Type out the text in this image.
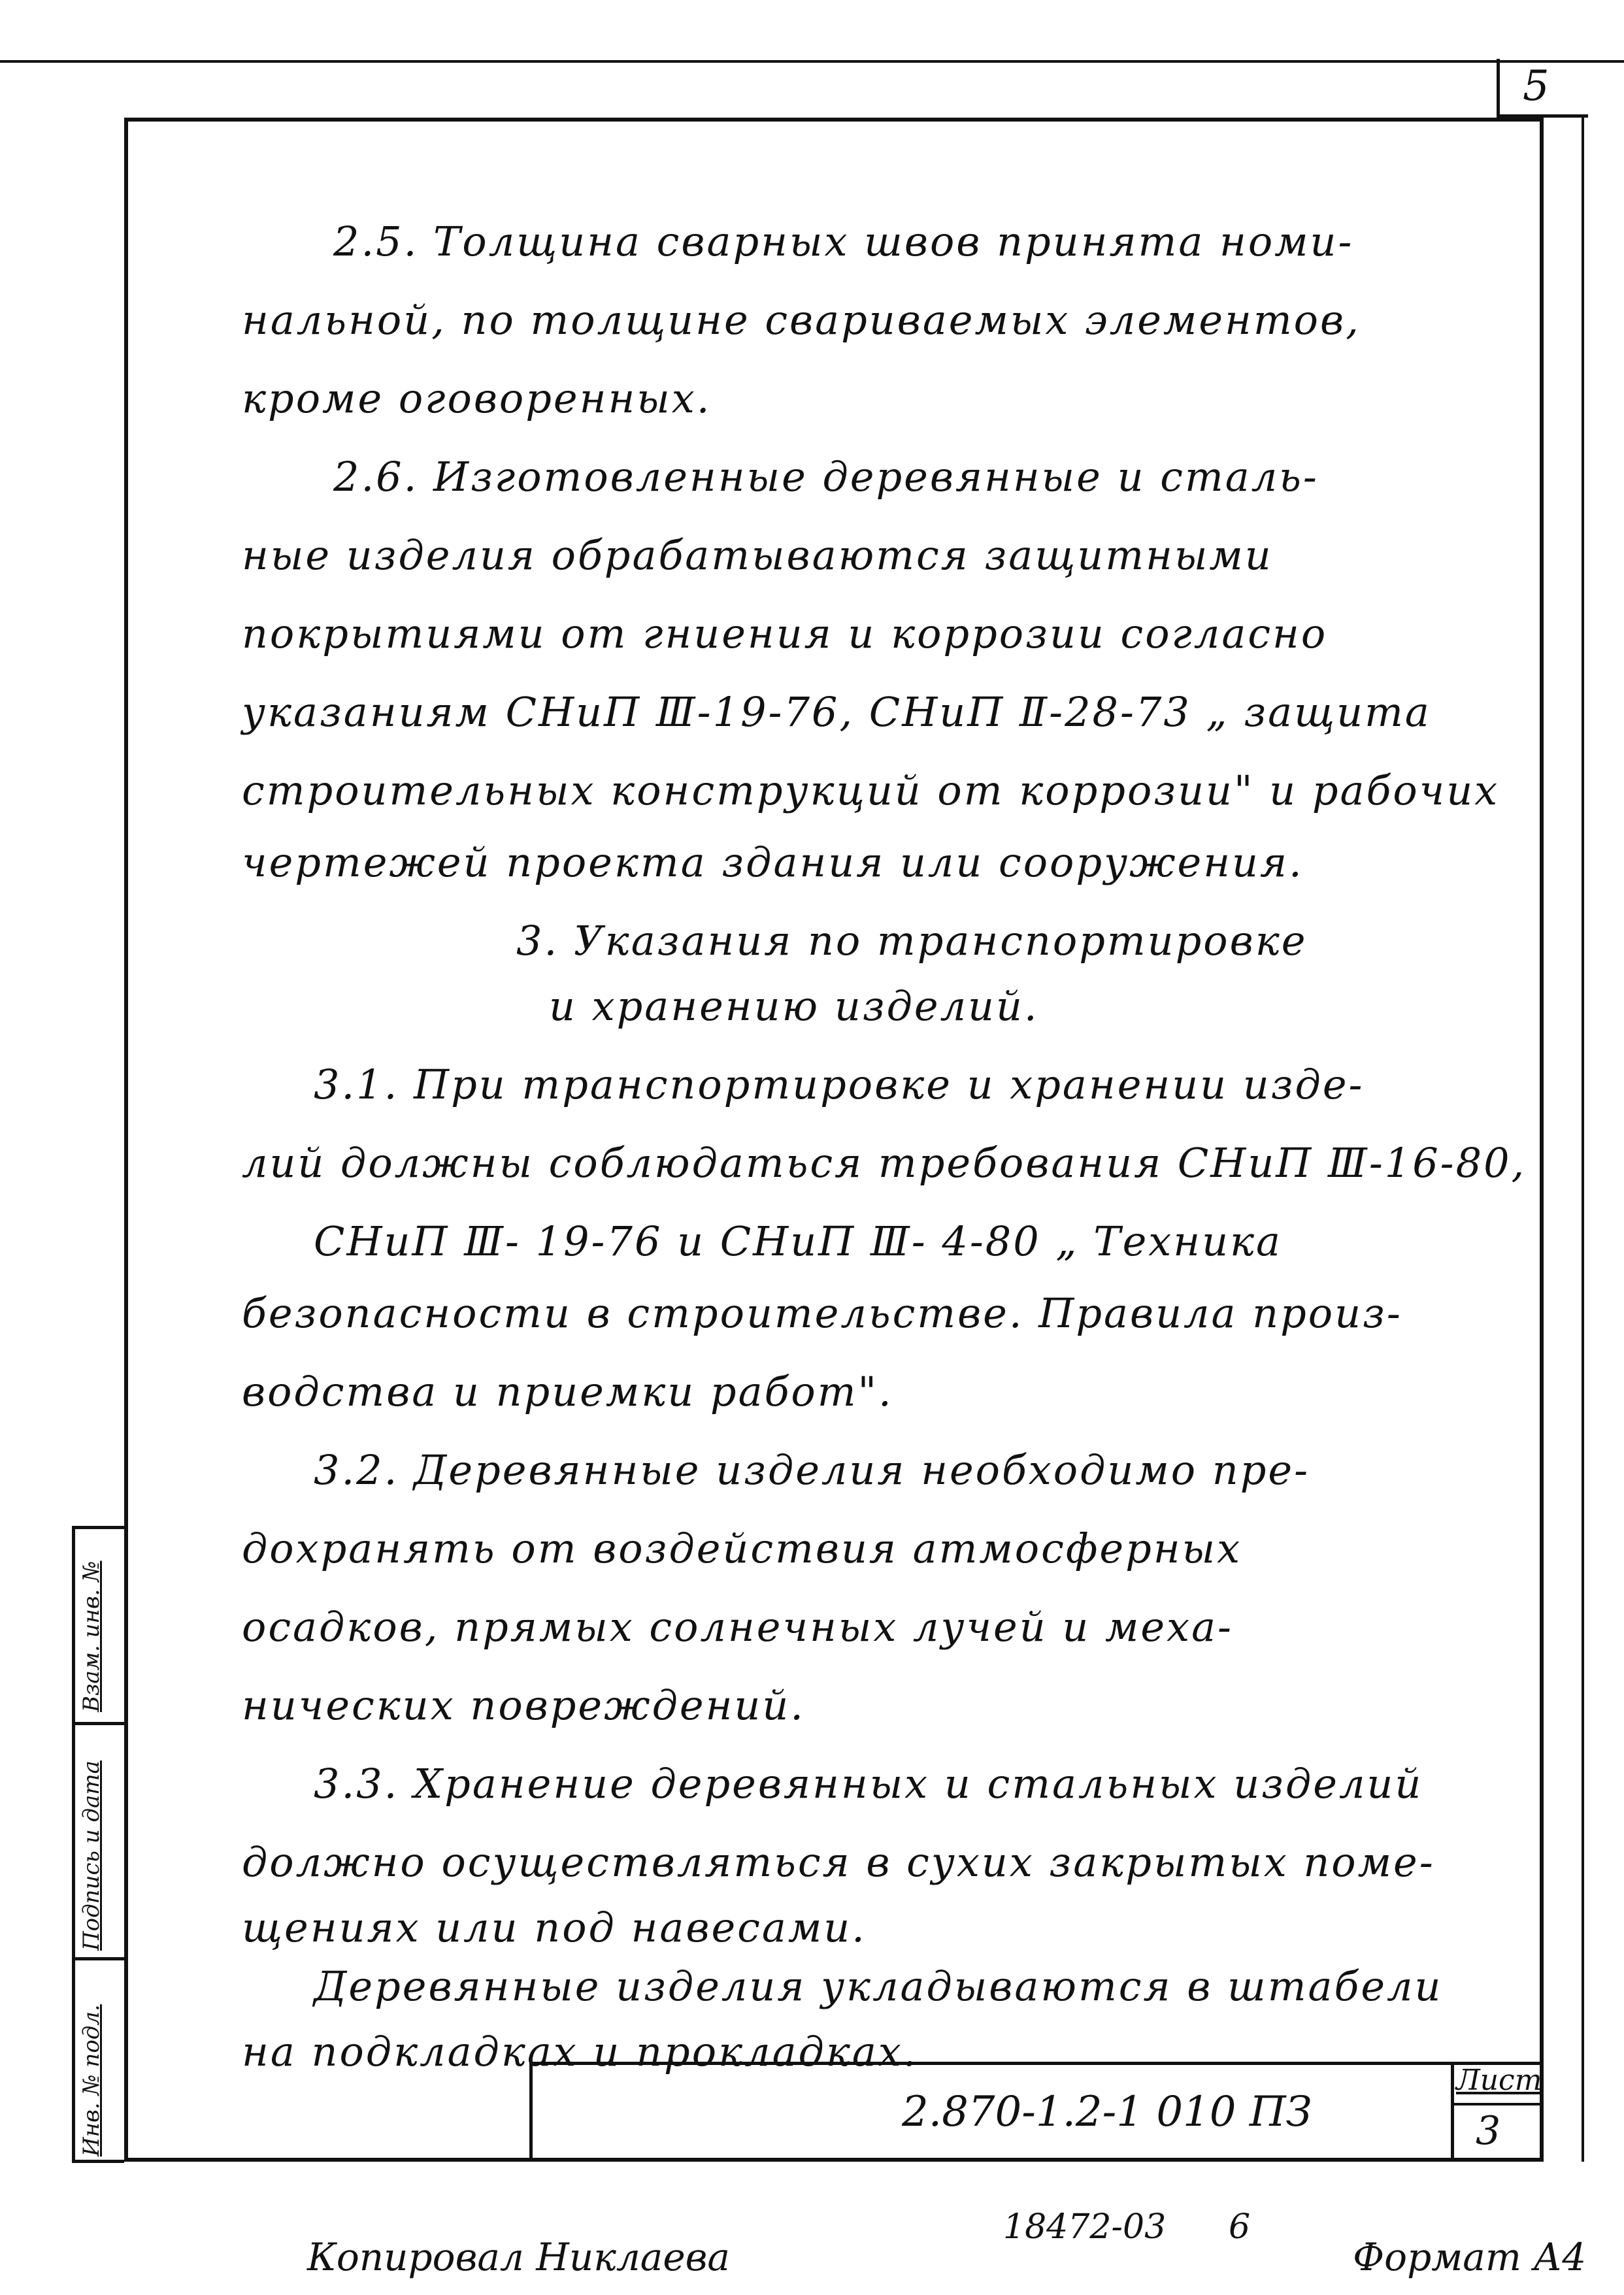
5
2.5. Толщина сварных швов принята номи-
нальной, по толщине свариваемых элементов,
кроме оговоренных.
2.6. Изготовленные деревянные и сталь-
ные изделия обрабатываются защитными
покрытиями от гниения и коррозии согласно
указаниям СНиП Ⅲ-19-76, СНиП Ⅱ-28-73 „ защита
строительных конструкций от коррозии" и рабочих
чертежей проекта здания или сооружения.
3. Указания по транспортировке
и хранению изделий.
3.1. При транспортировке и хранении изде-
лий должны соблюдаться требования СНиП Ⅲ-16-80,
СНиП Ⅲ- 19-76 и СНиП Ⅲ- 4-80 „ Техника
безопасности в строительстве. Правила произ-
водства и приемки работ".
3.2. Деревянные изделия необходимо пре-
дохранять от воздействия атмосферных
осадков, прямых солнечных лучей и меха-
нических повреждений.
3.3. Хранение деревянных и стальных изделий
должно осуществляться в сухих закрытых поме-
щениях или под навесами.
Деревянные изделия укладываются в штабели
на подкладках и прокладках.
Взам. инв. №
Подпись и дата
Инв. № подл.	2.870-1.2-1 010 ПЗ
Лист
3
Копировал Никлаева
18472-03 6
Формат А4
